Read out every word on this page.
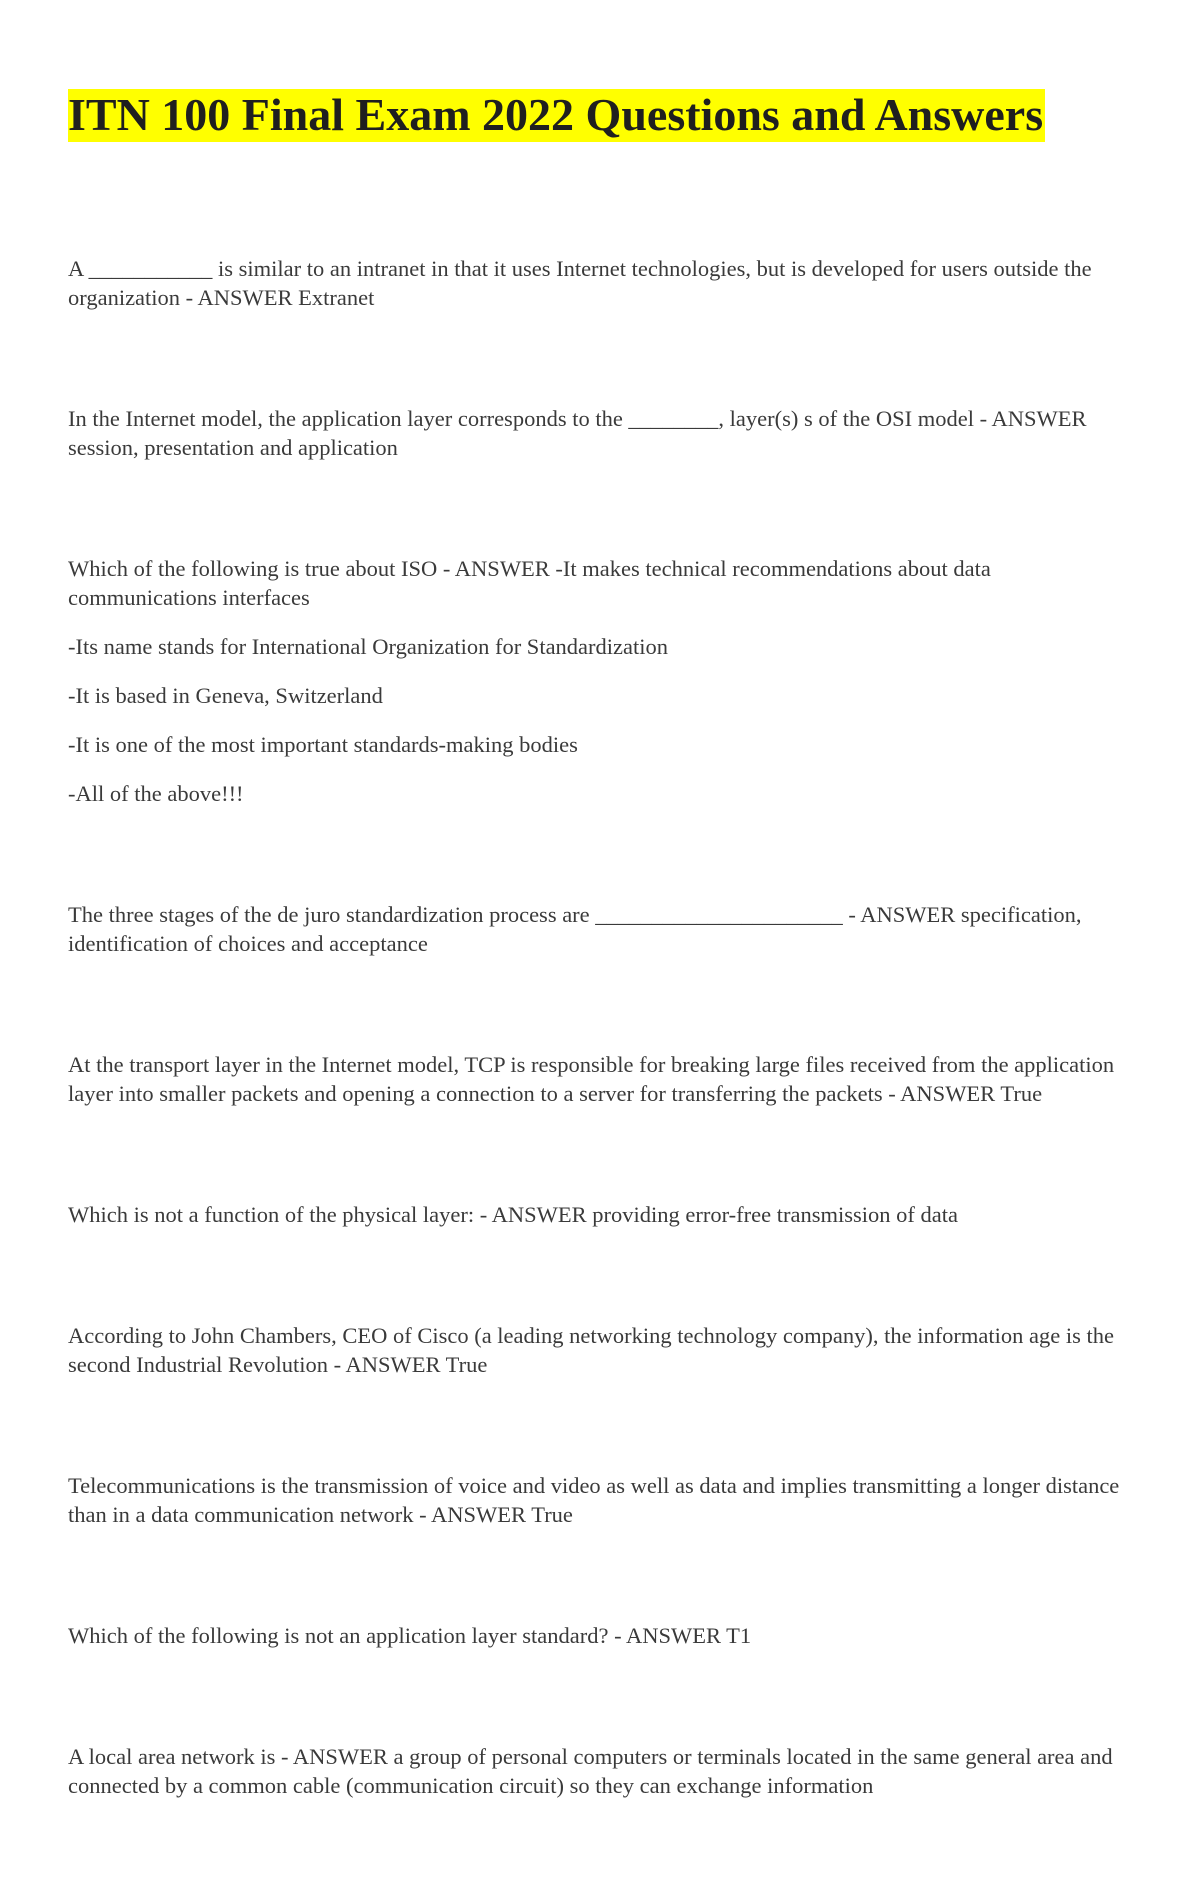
ITN 100 Final Exam 2022 Questions and Answers

A ___________ is similar to an intranet in that it uses Internet technologies, but is developed for users outside the organization - ANSWER Extranet

In the Internet model, the application layer corresponds to the ________, layer(s) s of the OSI model - ANSWER session, presentation and application

Which of the following is true about ISO - ANSWER -It makes technical recommendations about data communications interfaces

-Its name stands for International Organization for Standardization

-It is based in Geneva, Switzerland

-It is one of the most important standards-making bodies

-All of the above!!!

The three stages of the de juro standardization process are ______________________ - ANSWER specification, identification of choices and acceptance

At the transport layer in the Internet model, TCP is responsible for breaking large files received from the application layer into smaller packets and opening a connection to a server for transferring the packets - ANSWER True

Which is not a function of the physical layer: - ANSWER providing error-free transmission of data

According to John Chambers, CEO of Cisco (a leading networking technology company), the information age is the second Industrial Revolution - ANSWER True

Telecommunications is the transmission of voice and video as well as data and implies transmitting a longer distance than in a data communication network - ANSWER True

Which of the following is not an application layer standard? - ANSWER T1

A local area network is - ANSWER a group of personal computers or terminals located in the same general area and connected by a common cable (communication circuit) so they can exchange information
